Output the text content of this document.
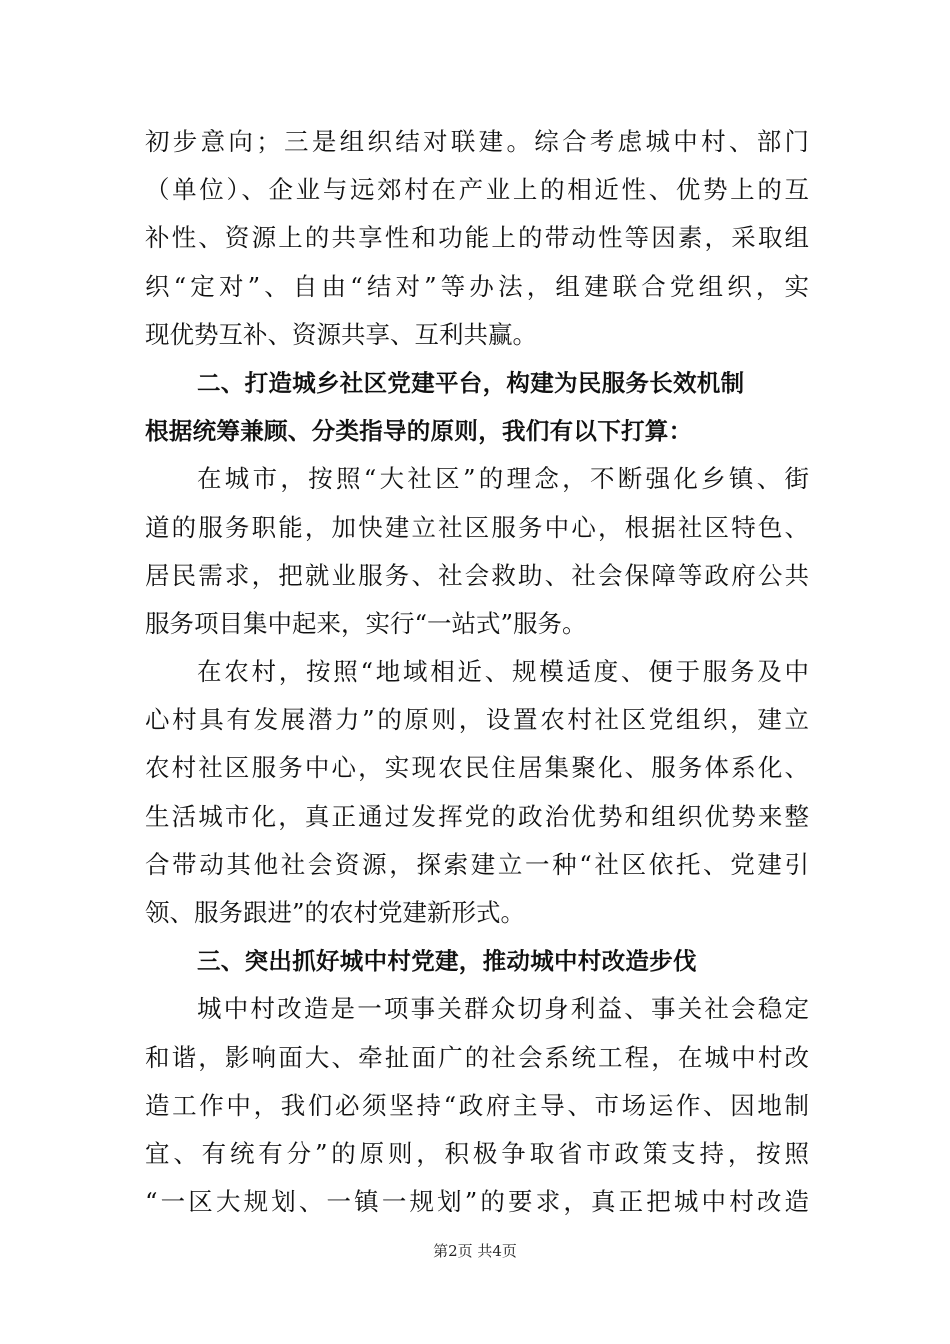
初步意向；三是组织结对联建。综合考虑城中村、部门
（单位）、企业与远郊村在产业上的相近性、优势上的互
补性、资源上的共享性和功能上的带动性等因素，采取组
织“定对”、自由“结对”等办法，组建联合党组织，实
现优势互补、资源共享、互利共赢。
二、打造城乡社区党建平台，构建为民服务长效机制
根据统筹兼顾、分类指导的原则，我们有以下打算：
在城市，按照“大社区”的理念，不断强化乡镇、街
道的服务职能，加快建立社区服务中心，根据社区特色、
居民需求，把就业服务、社会救助、社会保障等政府公共
服务项目集中起来，实行“一站式”服务。
在农村，按照“地域相近、规模适度、便于服务及中
心村具有发展潜力”的原则，设置农村社区党组织，建立
农村社区服务中心，实现农民住居集聚化、服务体系化、
生活城市化，真正通过发挥党的政治优势和组织优势来整
合带动其他社会资源，探索建立一种“社区依托、党建引
领、服务跟进”的农村党建新形式。
三、突出抓好城中村党建，推动城中村改造步伐
城中村改造是一项事关群众切身利益、事关社会稳定
和谐，影响面大、牵扯面广的社会系统工程，在城中村改
造工作中，我们必须坚持“政府主导、市场运作、因地制
宜、有统有分”的原则，积极争取省市政策支持，按照
“一区大规划、一镇一规划”的要求，真正把城中村改造
第2页 共4页
